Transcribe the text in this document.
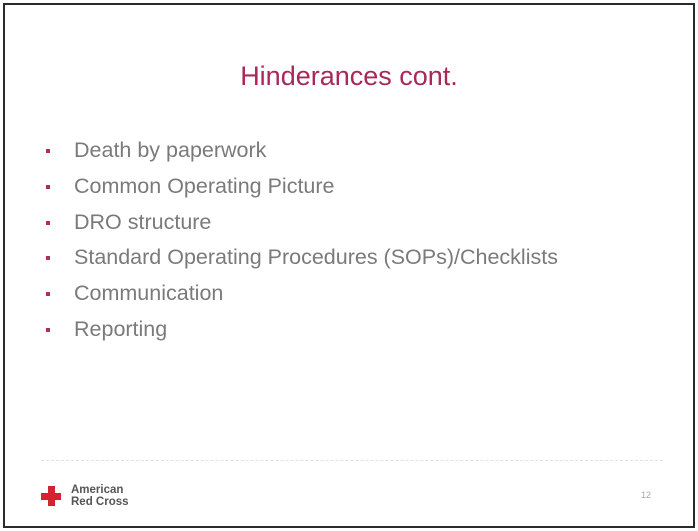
Hinderances cont.
Death by paperwork
Common Operating Picture
DRO structure
Standard Operating Procedures (SOPs)/Checklists
Communication
Reporting
American
Red Cross
12
